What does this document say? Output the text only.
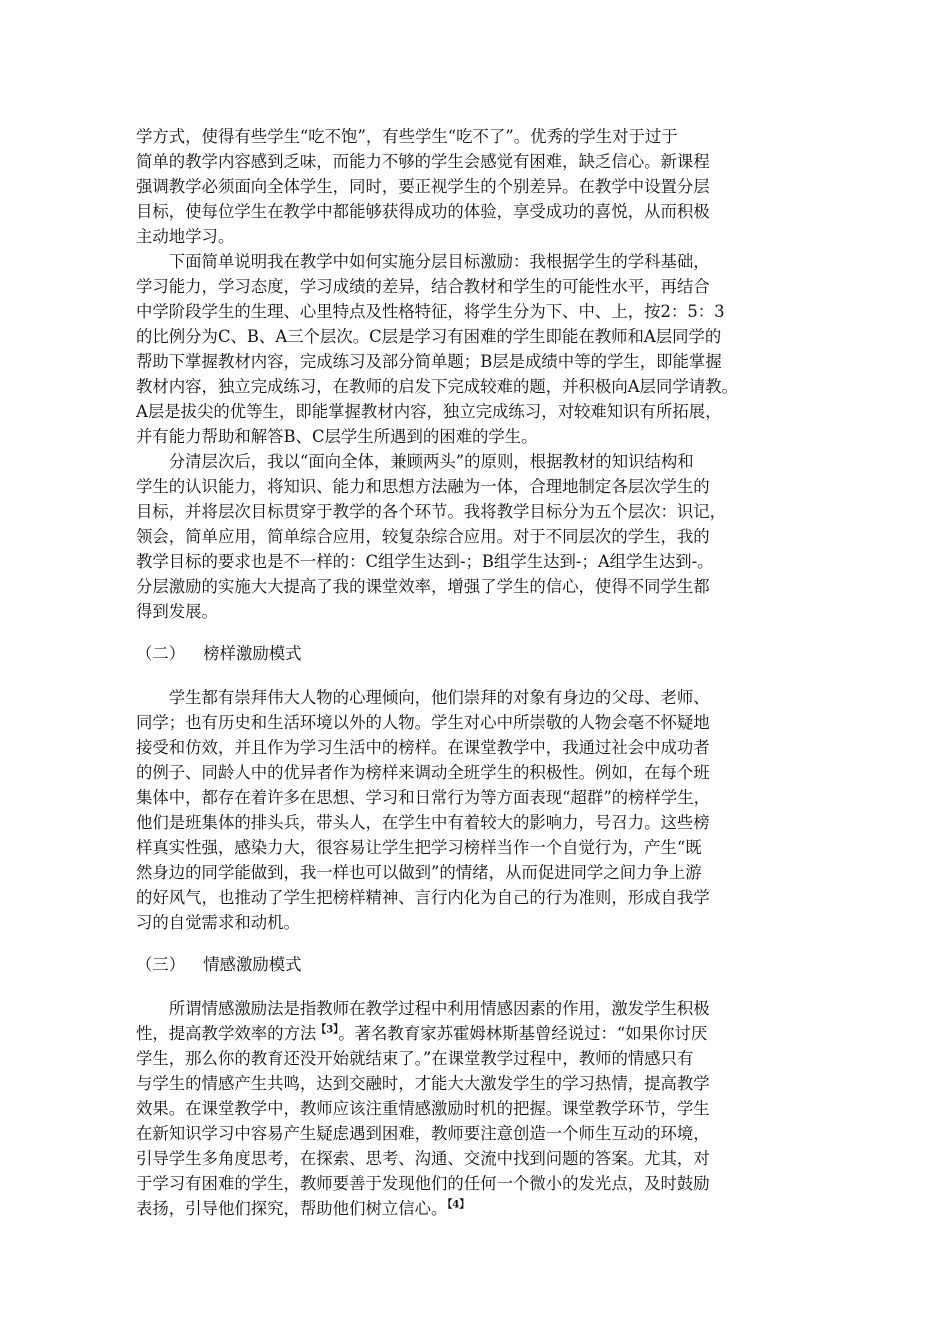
学方式，使得有些学生“吃不饱”，有些学生“吃不了”。优秀的学生对于过于
简单的教学内容感到乏味，而能力不够的学生会感觉有困难，缺乏信心。新课程
强调教学必须面向全体学生，同时，要正视学生的个别差异。在教学中设置分层
目标，使每位学生在教学中都能够获得成功的体验，享受成功的喜悦，从而积极
主动地学习。
　　下面简单说明我在教学中如何实施分层目标激励：我根据学生的学科基础，
学习能力，学习态度，学习成绩的差异，结合教材和学生的可能性水平，再结合
中学阶段学生的生理、心里特点及性格特征，将学生分为下、中、上，按2：5：3
的比例分为C、B、A三个层次。C层是学习有困难的学生即能在教师和A层同学的
帮助下掌握教材内容，完成练习及部分简单题；B层是成绩中等的学生，即能掌握
教材内容，独立完成练习，在教师的启发下完成较难的题，并积极向A层同学请教。
A层是拔尖的优等生，即能掌握教材内容，独立完成练习，对较难知识有所拓展，
并有能力帮助和解答B、C层学生所遇到的困难的学生。
　　分清层次后，我以“面向全体，兼顾两头”的原则，根据教材的知识结构和
学生的认识能力，将知识、能力和思想方法融为一体，合理地制定各层次学生的
目标，并将层次目标贯穿于教学的各个环节。我将教学目标分为五个层次：识记，
领会，简单应用，简单综合应用，较复杂综合应用。对于不同层次的学生，我的
教学目标的要求也是不一样的：C组学生达到-；B组学生达到-；A组学生达到-。
分层激励的实施大大提高了我的课堂效率，增强了学生的信心，使得不同学生都
得到发展。
（二） 榜样激励模式
　　学生都有崇拜伟大人物的心理倾向，他们崇拜的对象有身边的父母、老师、
同学；也有历史和生活环境以外的人物。学生对心中所崇敬的人物会毫不怀疑地
接受和仿效，并且作为学习生活中的榜样。在课堂教学中，我通过社会中成功者
的例子、同龄人中的优异者作为榜样来调动全班学生的积极性。例如，在每个班
集体中，都存在着许多在思想、学习和日常行为等方面表现“超群”的榜样学生，
他们是班集体的排头兵，带头人，在学生中有着较大的影响力，号召力。这些榜
样真实性强，感染力大，很容易让学生把学习榜样当作一个自觉行为，产生“既
然身边的同学能做到，我一样也可以做到”的情绪，从而促进同学之间力争上游
的好风气，也推动了学生把榜样精神、言行内化为自己的行为准则，形成自我学
习的自觉需求和动机。
（三） 情感激励模式
　　所谓情感激励法是指教师在教学过程中利用情感因素的作用，激发学生积极
性，提高教学效率的方法$^{【3】}$。著名教育家苏霍姆林斯基曾经说过：“如果你讨厌
学生，那么你的教育还没开始就结束了。”在课堂教学过程中，教师的情感只有
与学生的情感产生共鸣，达到交融时，才能大大激发学生的学习热情，提高教学
效果。在课堂教学中，教师应该注重情感激励时机的把握。课堂教学环节，学生
在新知识学习中容易产生疑虑遇到困难，教师要注意创造一个师生互动的环境，
引导学生多角度思考，在探索、思考、沟通、交流中找到问题的答案。尤其，对
于学习有困难的学生，教师要善于发现他们的任何一个微小的发光点，及时鼓励
表扬，引导他们探究，帮助他们树立信心。$^{【4】}$
